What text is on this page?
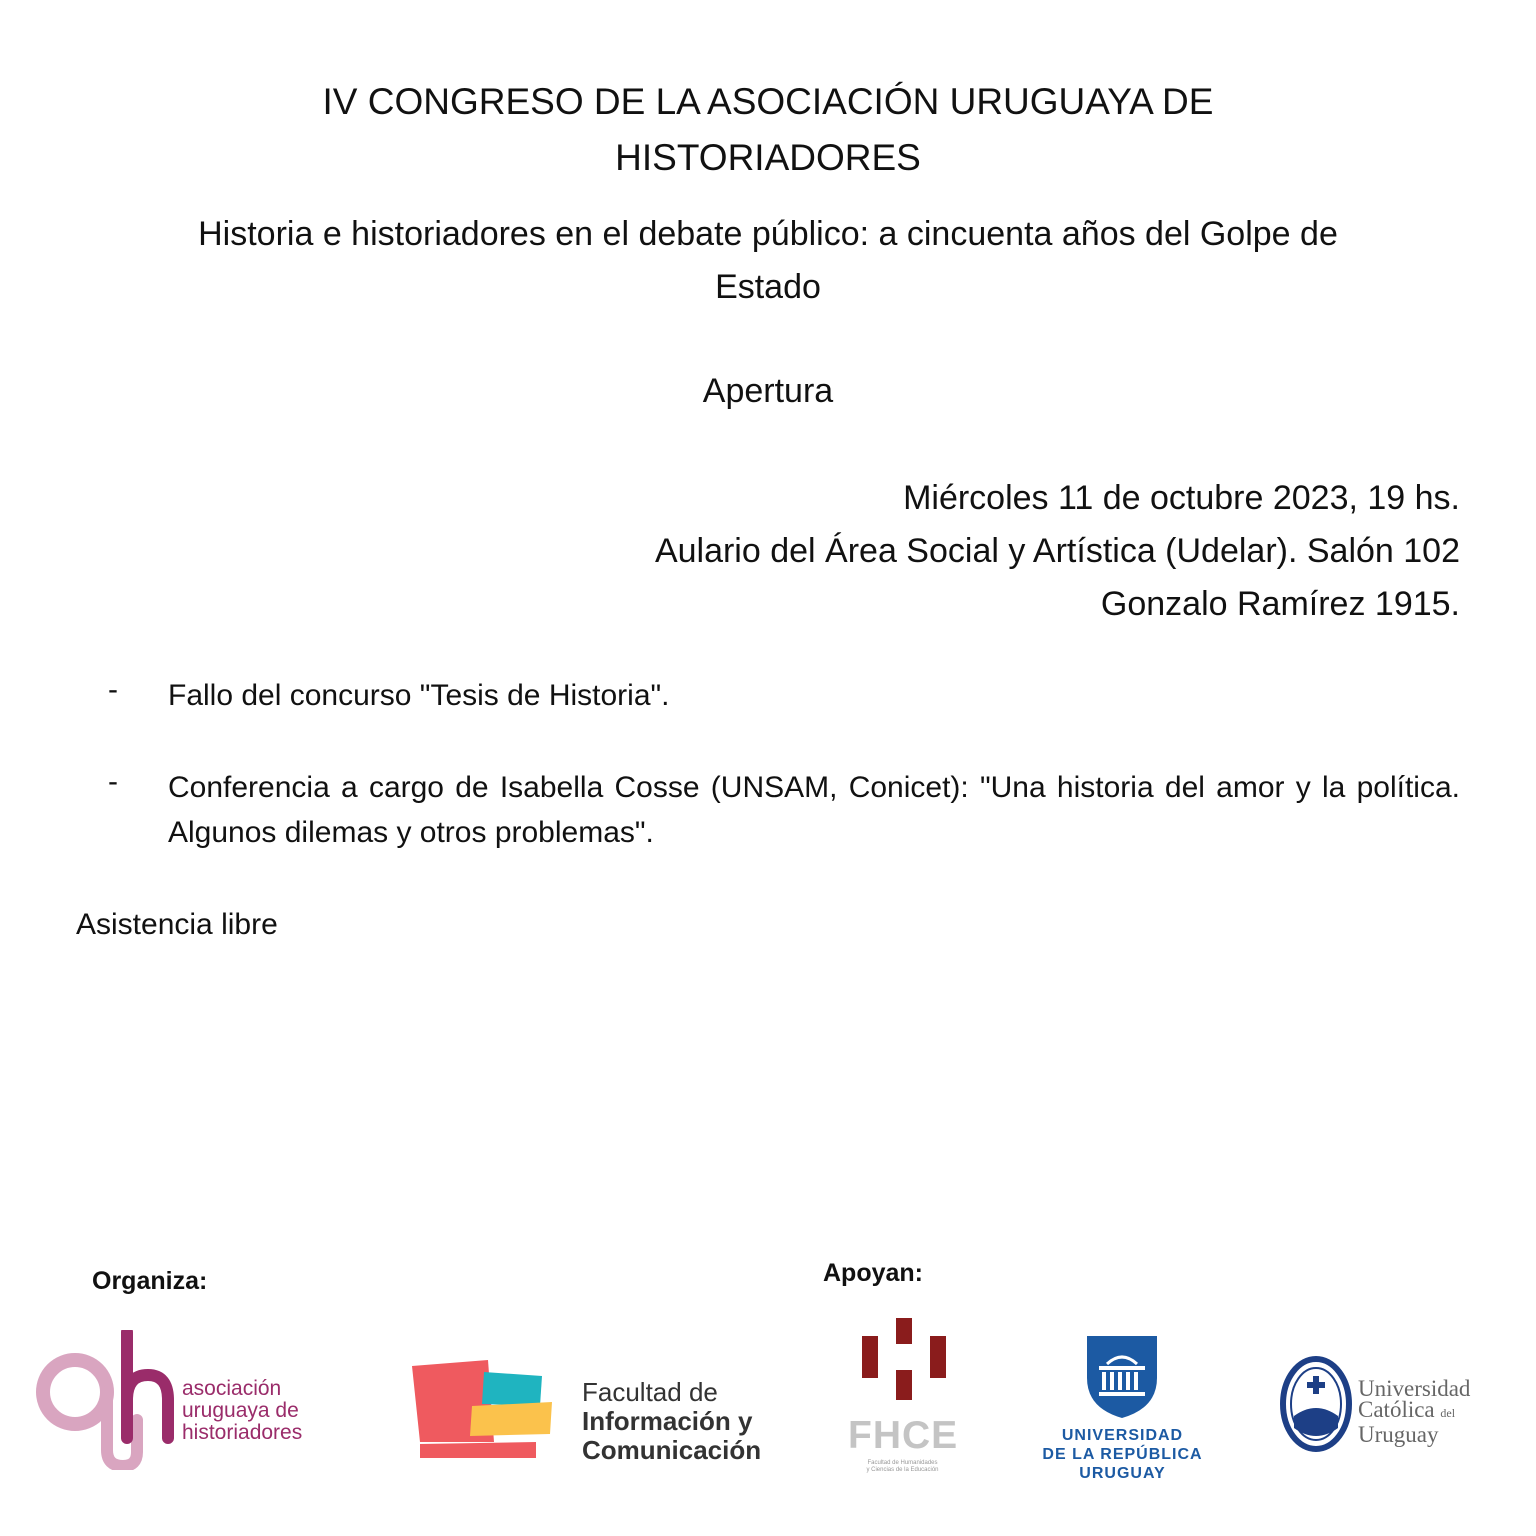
IV CONGRESO DE LA ASOCIACIÓN URUGUAYA DE
HISTORIADORES
Historia e historiadores en el debate público: a cincuenta años del Golpe de
Estado
Apertura
Miércoles 11 de octubre 2023, 19 hs.
Aulario del Área Social y Artística (Udelar). Salón 102
Gonzalo Ramírez 1915.
- Fallo del concurso "Tesis de Historia".
- Conferencia a cargo de Isabella Cosse (UNSAM, Conicet): "Una historia del amor y la política. Algunos dilemas y otros problemas".
Asistencia libre
Organiza:	Apoyan:
asociación
uruguaya de
historiadores
Facultad de
Información y
Comunicación FHCE
Facultad de Humanidades
y Ciencias de la Educación
UNIVERSIDAD
DE LA REPÚBLICA
URUGUAY
Universidad
Católica del
Uruguay
